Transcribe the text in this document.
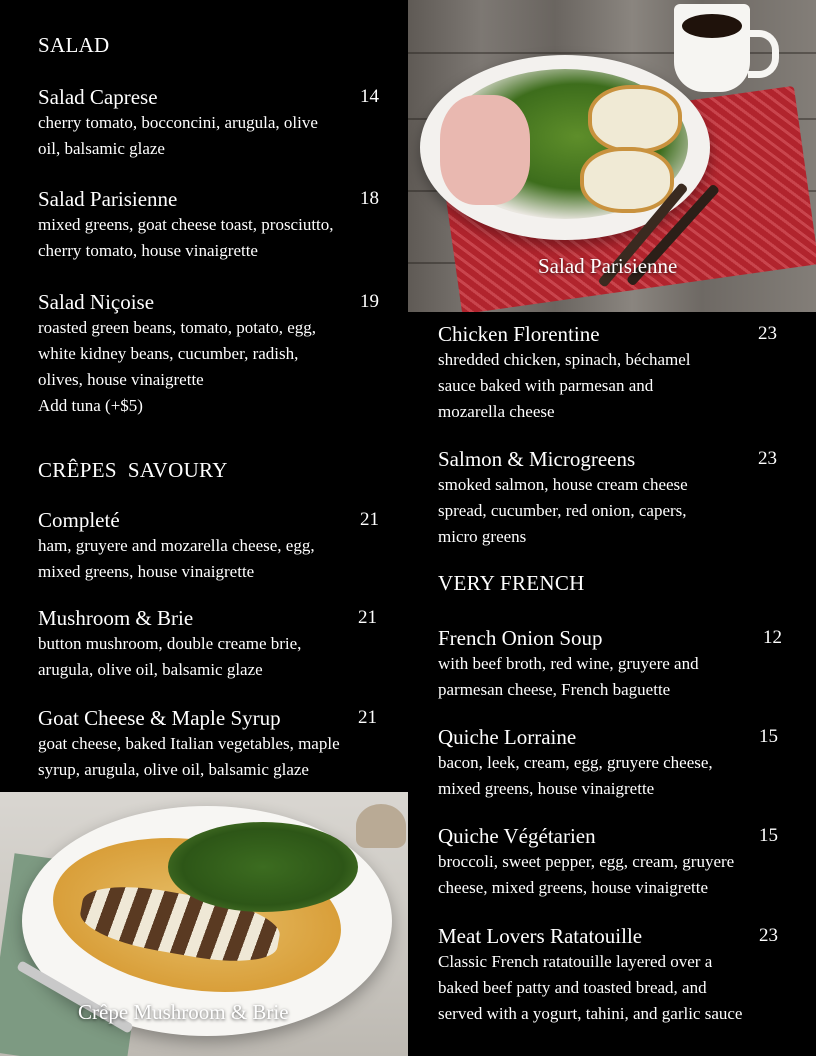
SALAD
Salad Caprese	14
cherry tomato, bocconcini, arugula, olive
oil, balsamic glaze
Salad Parisienne	18
mixed greens, goat cheese toast, prosciutto,
cherry tomato, house vinaigrette
Salad Niçoise	19
roasted green beans, tomato, potato, egg,
white kidney beans, cucumber, radish,
olives, house vinaigrette
Add tuna (+$5)
CRÊPES  SAVOURY
Completé	21
ham, gruyere and mozarella cheese, egg,
mixed greens, house vinaigrette
Mushroom & Brie	21
button mushroom, double creame brie,
arugula, olive oil, balsamic glaze
Goat Cheese & Maple Syrup	21
goat cheese, baked Italian vegetables, maple
syrup, arugula, olive oil, balsamic glaze
Salad Parisienne
Chicken Florentine	23
shredded chicken, spinach, béchamel
sauce baked with parmesan and
mozarella cheese
Salmon & Microgreens	23
smoked salmon, house cream cheese
spread, cucumber, red onion, capers,
micro greens
VERY FRENCH
French Onion Soup	12
with beef broth, red wine, gruyere and
parmesan cheese, French baguette
Quiche Lorraine	15
bacon, leek, cream, egg, gruyere cheese,
mixed greens, house vinaigrette
Quiche Végétarien	15
broccoli, sweet pepper, egg, cream, gruyere
cheese, mixed greens, house vinaigrette
Meat Lovers Ratatouille	23
Classic French ratatouille layered over a
baked beef patty and toasted bread, and
served with a yogurt, tahini, and garlic sauce
Crêpe Mushroom & Brie
